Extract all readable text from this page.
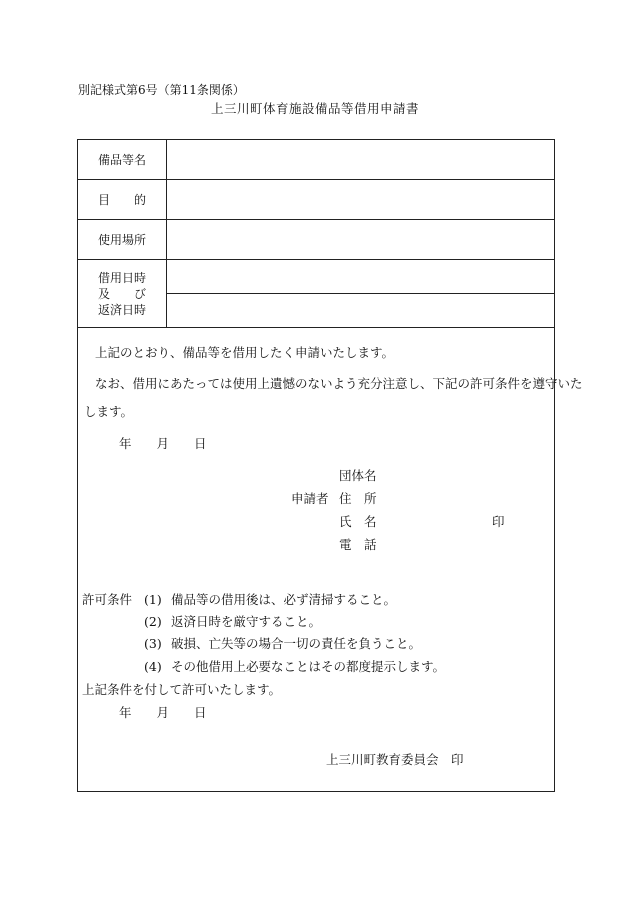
別記様式第6号（第11条関係）
上三川町体育施設備品等借用申請書
備品等名
目　　的
使用場所
借用日時
及　　び
返済日時
上記のとおり、備品等を借用したく申請いたします。
なお、借用にあたっては使用上遺憾のないよう充分注意し、下記の許可条件を遵守いた
します。
年　　月　　日
団体名
申請者 住　所
氏　名	印
電　話
許可条件 (1) 備品等の借用後は、必ず清掃すること。
(2) 返済日時を厳守すること。
(3) 破損、亡失等の場合一切の責任を負うこと。
(4) その他借用上必要なことはその都度提示します。
上記条件を付して許可いたします。
年　　月　　日
上三川町教育委員会　印
